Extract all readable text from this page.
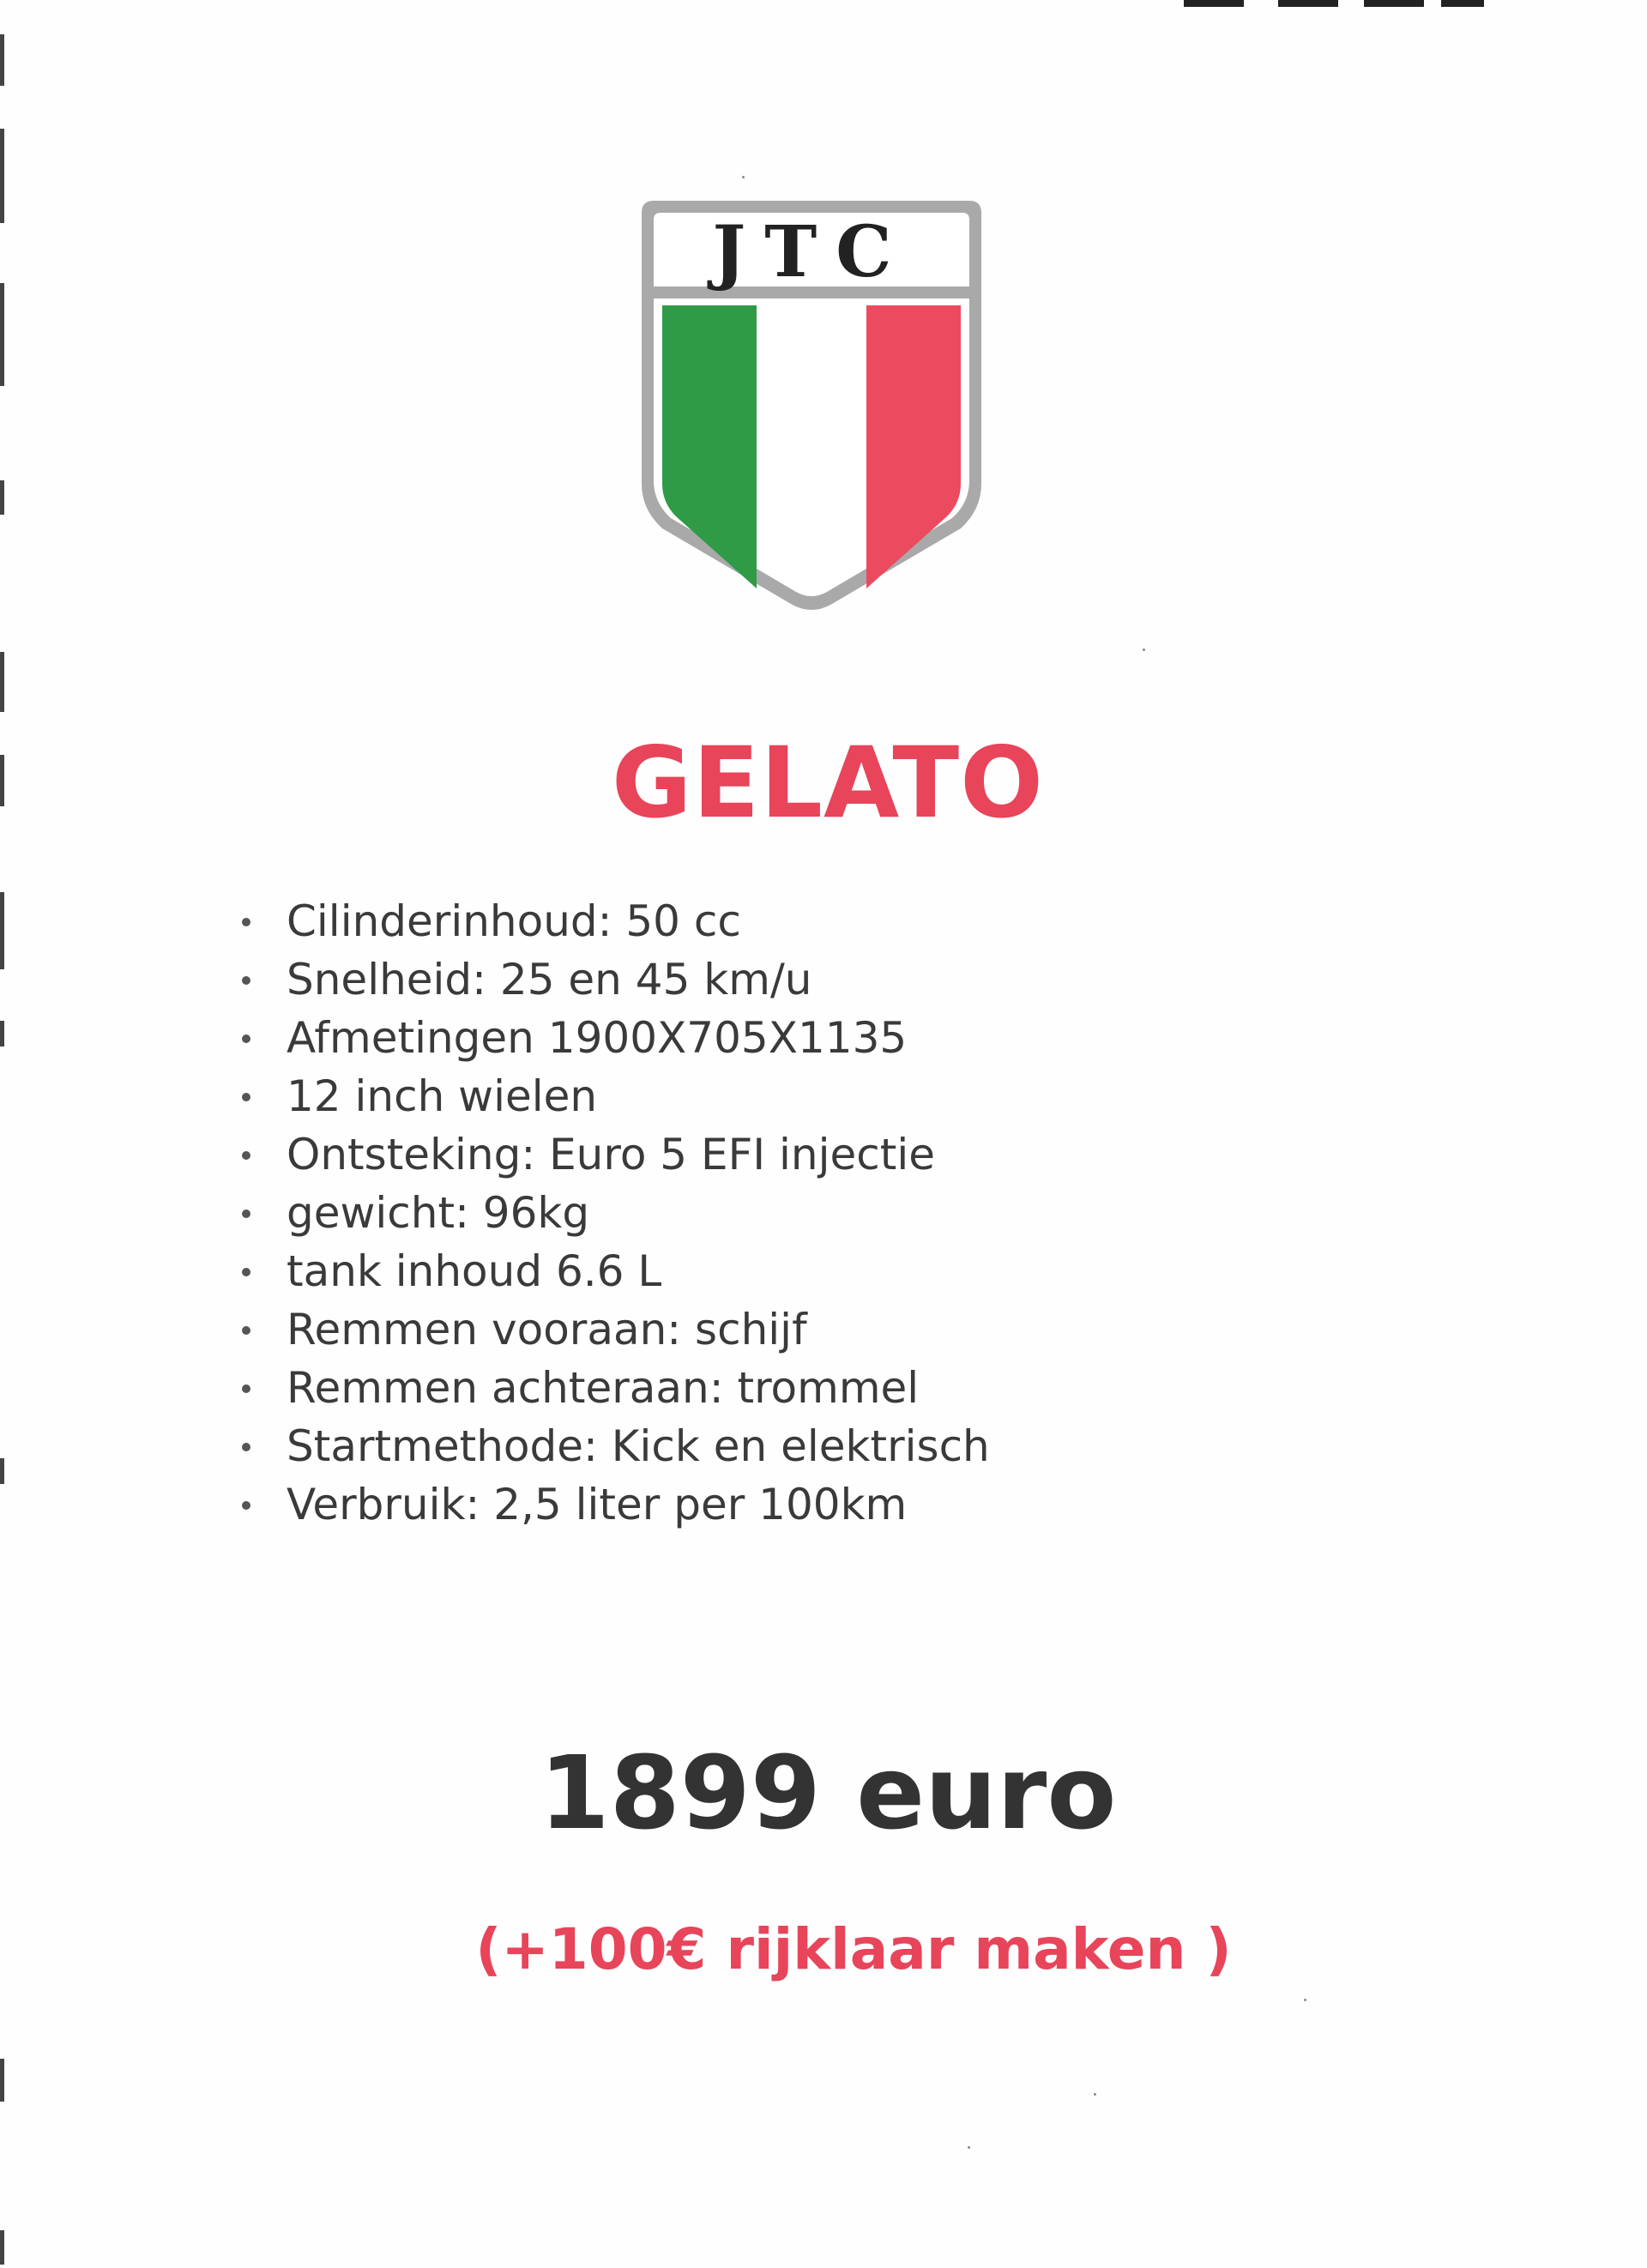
JTC
GELATO
Cilinderinhoud: 50 cc
Snelheid: 25 en 45 km/u
Afmetingen 1900X705X1135
12 inch wielen
Ontsteking: Euro 5 EFI injectie
gewicht: 96kg
tank inhoud 6.6 L
Remmen vooraan: schijf
Remmen achteraan: trommel
Startmethode: Kick en elektrisch
Verbruik: 2,5 liter per 100km
1899 euro
(+100€ rijklaar maken )
